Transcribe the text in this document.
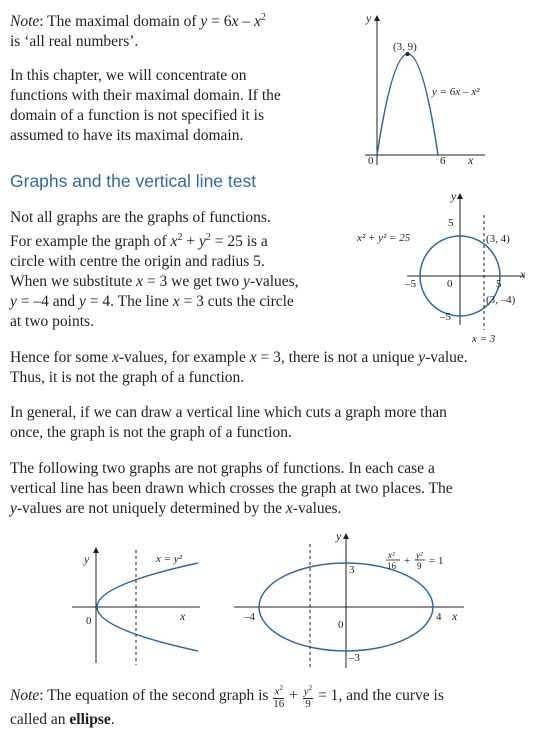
Note: The maximal domain of $y = 6x - x^2$

is ‘all real numbers’.

In this chapter, we will concentrate on

functions with their maximal domain. If the

domain of a function is not specified it is

assumed to have its maximal domain.

Graphs and the vertical line test

Not all graphs are the graphs of functions.

For example the graph of $x^2 + y^2 = 25$ is a

circle with centre the origin and radius 5.

When we substitute x = 3 we get two y-values,

y = –4 and y = 4. The line x = 3 cuts the circle

at two points.

Hence for some x-values, for example x = 3, there is not a unique y-value.

Thus, it is not the graph of a function.

In general, if we can draw a vertical line which cuts a graph more than

once, the graph is not the graph of a function.

The following two graphs are not graphs of functions. In each case a

vertical line has been drawn which crosses the graph at two places. The

y-values are not uniquely determined by the x-values.

Note: The equation of the second graph is $\frac{x^2}{16} + \frac{y^2}{9} = 1$, and the curve is

called an ellipse.

y
x
0	6
(3, 9)
y = 6x – x²
y
x
0
5
–5
–5	5
(3, 4)
(3, –4)
x² + y² = 25
x = 3
y
x
0
x = y²
y
x
0
3
–3
–4	4
x²
16 + y²
9 = 1
